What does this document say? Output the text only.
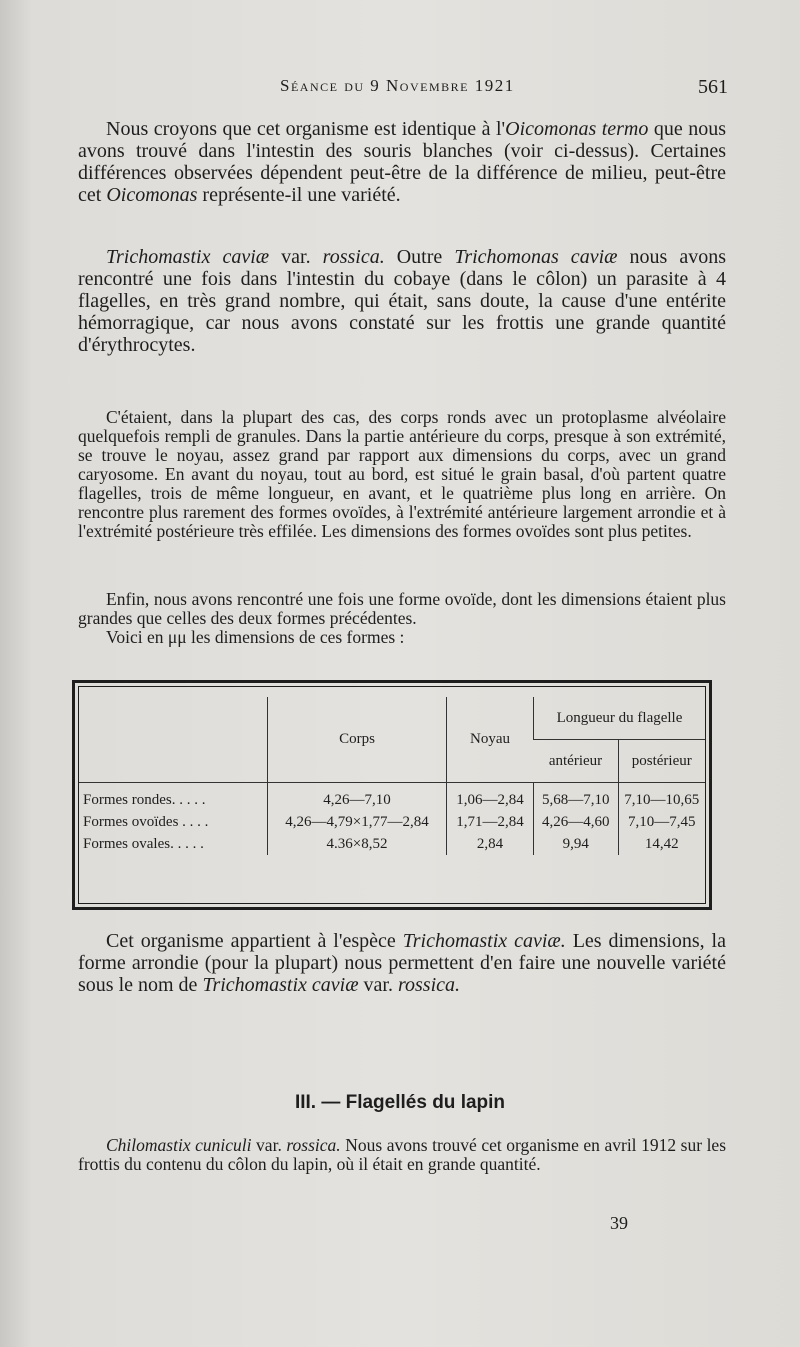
Séance du 9 Novembre 1921	561

Nous croyons que cet organisme est identique à l'Oicomonas termo que nous avons trouvé dans l'intestin des souris blanches (voir ci-dessus). Certaines différences observées dépendent peut-être de la différence de milieu, peut-être cet Oicomonas représente-il une variété.

Trichomastix caviæ var. rossica. Outre Trichomonas caviæ nous avons rencontré une fois dans l'intestin du cobaye (dans le côlon) un parasite à 4 flagelles, en très grand nombre, qui était, sans doute, la cause d'une entérite hémorragique, car nous avons constaté sur les frottis une grande quantité d'érythrocytes.

C'étaient, dans la plupart des cas, des corps ronds avec un protoplasme alvéolaire quelquefois rempli de granules. Dans la partie antérieure du corps, presque à son extrémité, se trouve le noyau, assez grand par rapport aux dimensions du corps, avec un grand caryosome. En avant du noyau, tout au bord, est situé le grain basal, d'où partent quatre flagelles, trois de même longueur, en avant, et le quatrième plus long en arrière. On rencontre plus rarement des formes ovoïdes, à l'extrémité antérieure largement arrondie et à l'extrémité postérieure très effilée. Les dimensions des formes ovoïdes sont plus petites.

Enfin, nous avons rencontré une fois une forme ovoïde, dont les dimensions étaient plus grandes que celles des deux formes précédentes.

Voici en μμ les dimensions de ces formes :

	Corps	Noyau	Longueur du flagelle	
			antérieur	postérieur
Formes rondes. . . . .	4,26—7,10	1,06—2,84	5,68—7,10	7,10—10,65
Formes ovoïdes . . . .	4,26—4,79×1,77—2,84	1,71—2,84	4,26—4,60	7,10—7,45
Formes ovales. . . . .	4.36×8,52	2,84	9,94	14,42

Cet organisme appartient à l'espèce Trichomastix caviæ. Les dimensions, la forme arrondie (pour la plupart) nous permettent d'en faire une nouvelle variété sous le nom de Trichomastix caviæ var. rossica.

III. — Flagellés du lapin

Chilomastix cuniculi var. rossica. Nous avons trouvé cet organisme en avril 1912 sur les frottis du contenu du côlon du lapin, où il était en grande quantité.

39
